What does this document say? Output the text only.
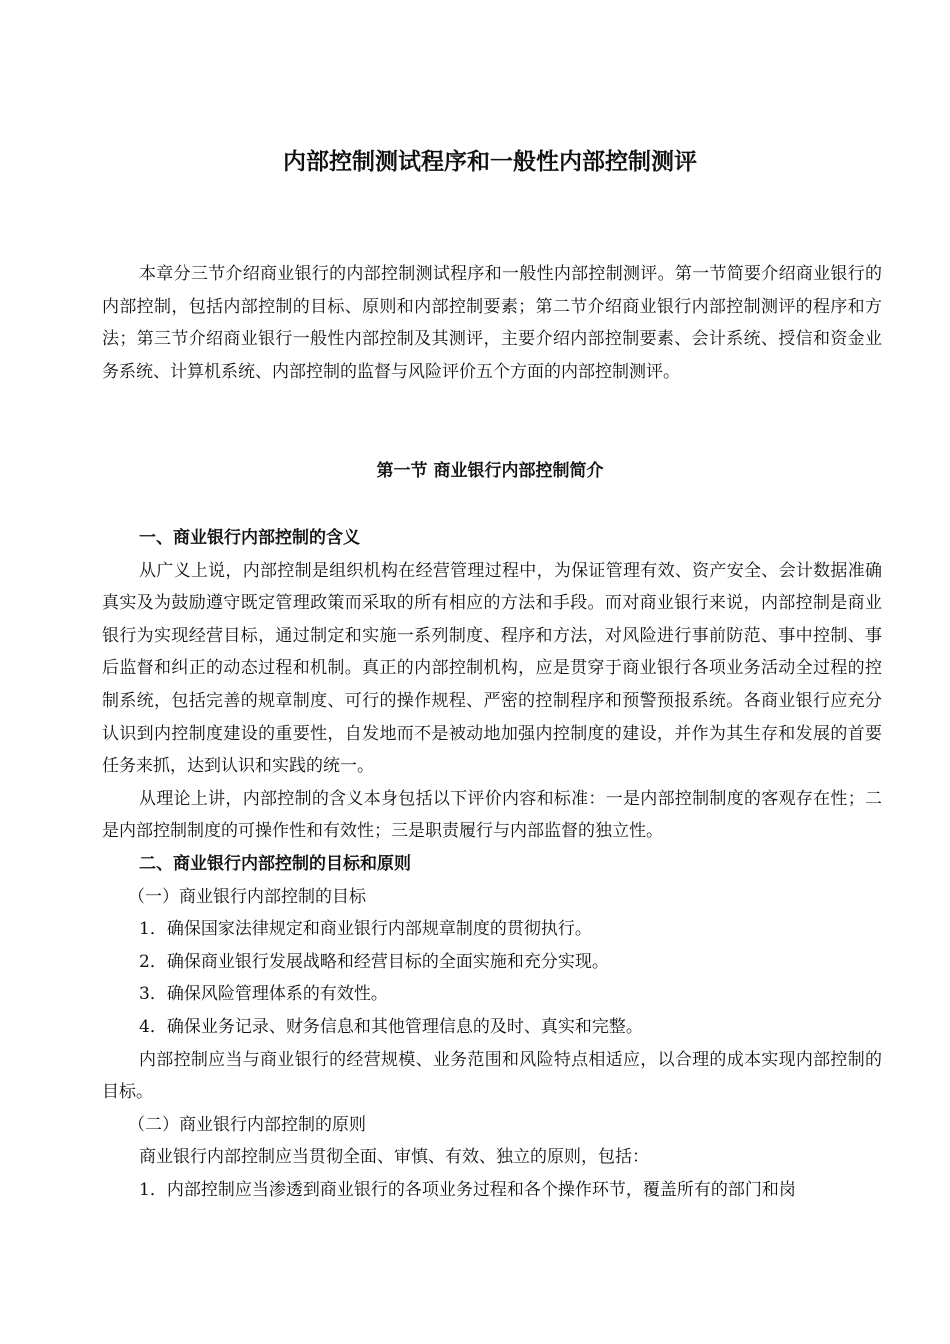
内部控制测试程序和一般性内部控制测评

本章分三节介绍商业银行的内部控制测试程序和一般性内部控制测评。第一节简要介绍商业银行的内部控制，包括内部控制的目标、原则和内部控制要素；第二节介绍商业银行内部控制测评的程序和方法；第三节介绍商业银行一般性内部控制及其测评，主要介绍内部控制要素、会计系统、授信和资金业务系统、计算机系统、内部控制的监督与风险评价五个方面的内部控制测评。

第一节 商业银行内部控制简介

一、商业银行内部控制的含义

从广义上说，内部控制是组织机构在经营管理过程中，为保证管理有效、资产安全、会计数据准确真实及为鼓励遵守既定管理政策而采取的所有相应的方法和手段。而对商业银行来说，内部控制是商业银行为实现经营目标，通过制定和实施一系列制度、程序和方法，对风险进行事前防范、事中控制、事后监督和纠正的动态过程和机制。真正的内部控制机构，应是贯穿于商业银行各项业务活动全过程的控制系统，包括完善的规章制度、可行的操作规程、严密的控制程序和预警预报系统。各商业银行应充分认识到内控制度建设的重要性，自发地而不是被动地加强内控制度的建设，并作为其生存和发展的首要任务来抓，达到认识和实践的统一。

从理论上讲，内部控制的含义本身包括以下评价内容和标准：一是内部控制制度的客观存在性；二是内部控制制度的可操作性和有效性；三是职责履行与内部监督的独立性。

二、商业银行内部控制的目标和原则

（一）商业银行内部控制的目标

1．确保国家法律规定和商业银行内部规章制度的贯彻执行。

2．确保商业银行发展战略和经营目标的全面实施和充分实现。

3．确保风险管理体系的有效性。

4．确保业务记录、财务信息和其他管理信息的及时、真实和完整。

内部控制应当与商业银行的经营规模、业务范围和风险特点相适应，以合理的成本实现内部控制的目标。

（二）商业银行内部控制的原则

商业银行内部控制应当贯彻全面、审慎、有效、独立的原则，包括：

1．内部控制应当渗透到商业银行的各项业务过程和各个操作环节，覆盖所有的部门和岗
